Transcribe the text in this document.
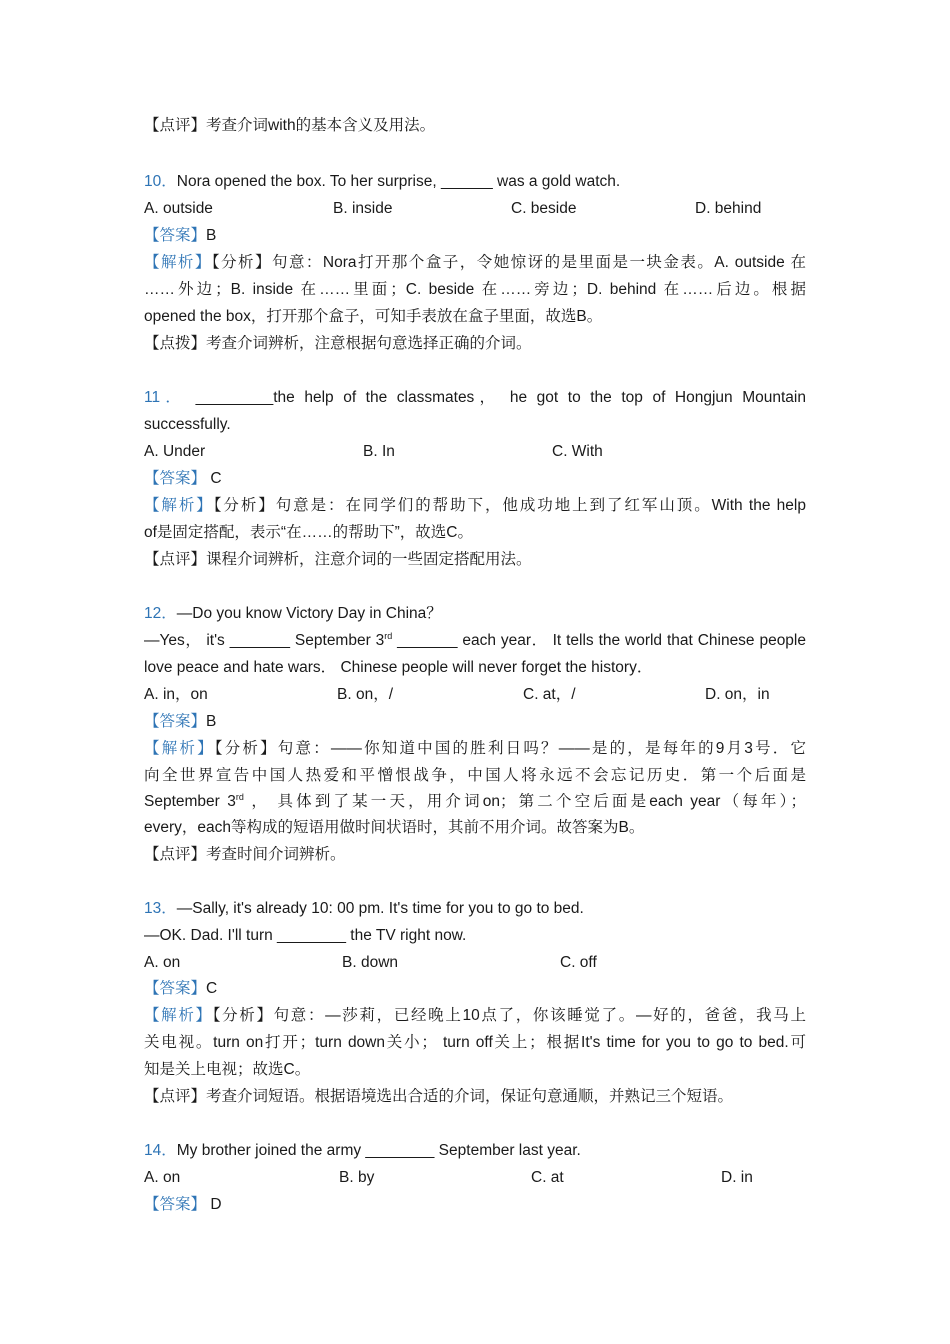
【点评】考查介词with的基本含义及用法。
10．Nora opened the box. To her surprise, ______ was a gold watch.
A. outside	B. inside	C. beside	D. behind
【答案】B
【解析】【分析】句意：Nora打开那个盒子，令她惊讶的是里面是一块金表。A. outside 在
……外边；B. inside 在……里面；C. beside 在……旁边；D. behind 在……后边。根据
opened the box，打开那个盒子，可知手表放在盒子里面，故选B。
【点拨】考查介词辨析，注意根据句意选择正确的介词。
11． _________the help of the classmates， he got to the top of Hongjun Mountain
successfully.
A. Under	B. In	C. With
【答案】 C
【解析】【分析】句意是：在同学们的帮助下，他成功地上到了红军山顶。With the help
of是固定搭配，表示“在……的帮助下”，故选C。
【点评】课程介词辨析，注意介词的一些固定搭配用法。
12．—Do you know Victory Day in China？
—Yes， it's _______ September 3rd _______ each year． It tells the world that Chinese people
love peace and hate wars． Chinese people will never forget the history．
A. in，on	B. on，/	C. at，/	D. on，in
【答案】B
【解析】【分析】句意：——你知道中国的胜利日吗？——是的，是每年的9月3号．它
向全世界宣告中国人热爱和平憎恨战争，中国人将永远不会忘记历史．第一个后面是
September 3rd ， 具体到了某一天，用介词on；第二个空后面是each year（每年）；
every，each等构成的短语用做时间状语时，其前不用介词。故答案为B。
【点评】考查时间介词辨析。
13．—Sally, it's already 10: 00 pm. It's time for you to go to bed.
—OK. Dad. I'll turn ________ the TV right now.
A. on	B. down	C. off
【答案】C
【解析】【分析】句意：—莎莉，已经晚上10点了，你该睡觉了。—好的，爸爸，我马上
关电视。turn on打开；turn down关小； turn off关上；根据It's time for you to go to bed.可
知是关上电视；故选C。
【点评】考查介词短语。根据语境选出合适的介词，保证句意通顺，并熟记三个短语。
14．My brother joined the army ________ September last year.
A. on	B. by	C. at	D. in
【答案】 D
